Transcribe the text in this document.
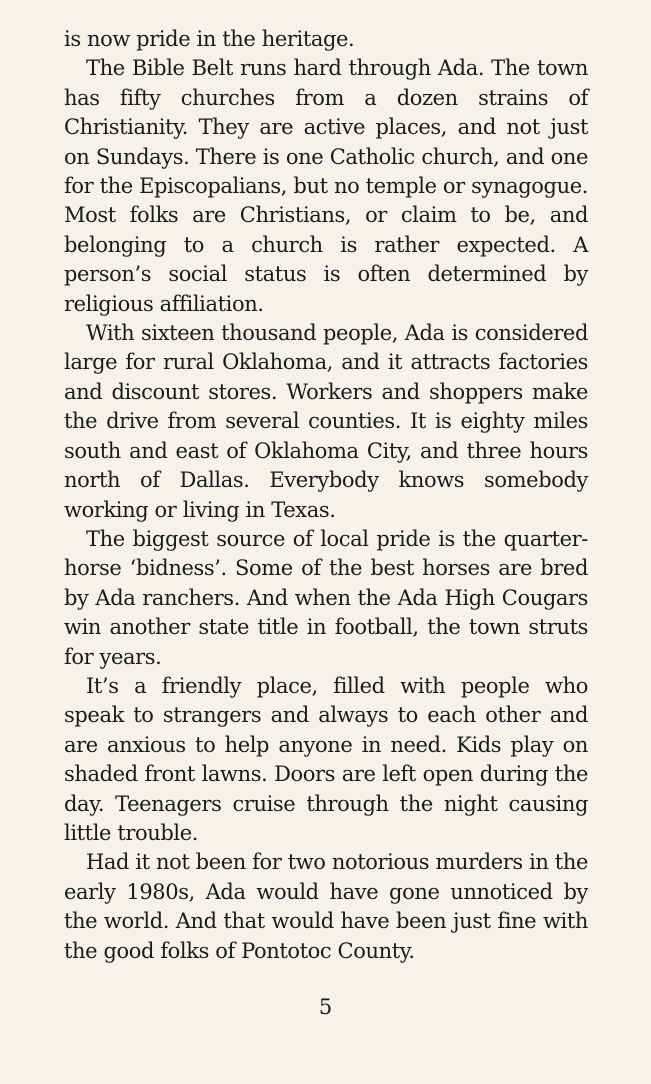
is now pride in the heritage.

The Bible Belt runs hard through Ada. The town has fifty churches from a dozen strains of Christianity. They are active places, and not just on Sundays. There is one Catholic church, and one for the Episcopalians, but no temple or synagogue. Most folks are Christians, or claim to be, and belonging to a church is rather expected. A person’s social status is often determined by religious affiliation.

With sixteen thousand people, Ada is considered large for rural Oklahoma, and it attracts factories and discount stores. Workers and shoppers make the drive from several counties. It is eighty miles south and east of Oklahoma City, and three hours north of Dallas. Everybody knows somebody working or living in Texas.

The biggest source of local pride is the quarter-horse ‘bidness’. Some of the best horses are bred by Ada ranchers. And when the Ada High Cougars win another state title in football, the town struts for years.

It’s a friendly place, filled with people who speak to strangers and always to each other and are anxious to help anyone in need. Kids play on shaded front lawns. Doors are left open during the day. Teenagers cruise through the night causing little trouble.

Had it not been for two notorious murders in the early 1980s, Ada would have gone unnoticed by the world. And that would have been just fine with the good folks of Pontotoc County.

5
